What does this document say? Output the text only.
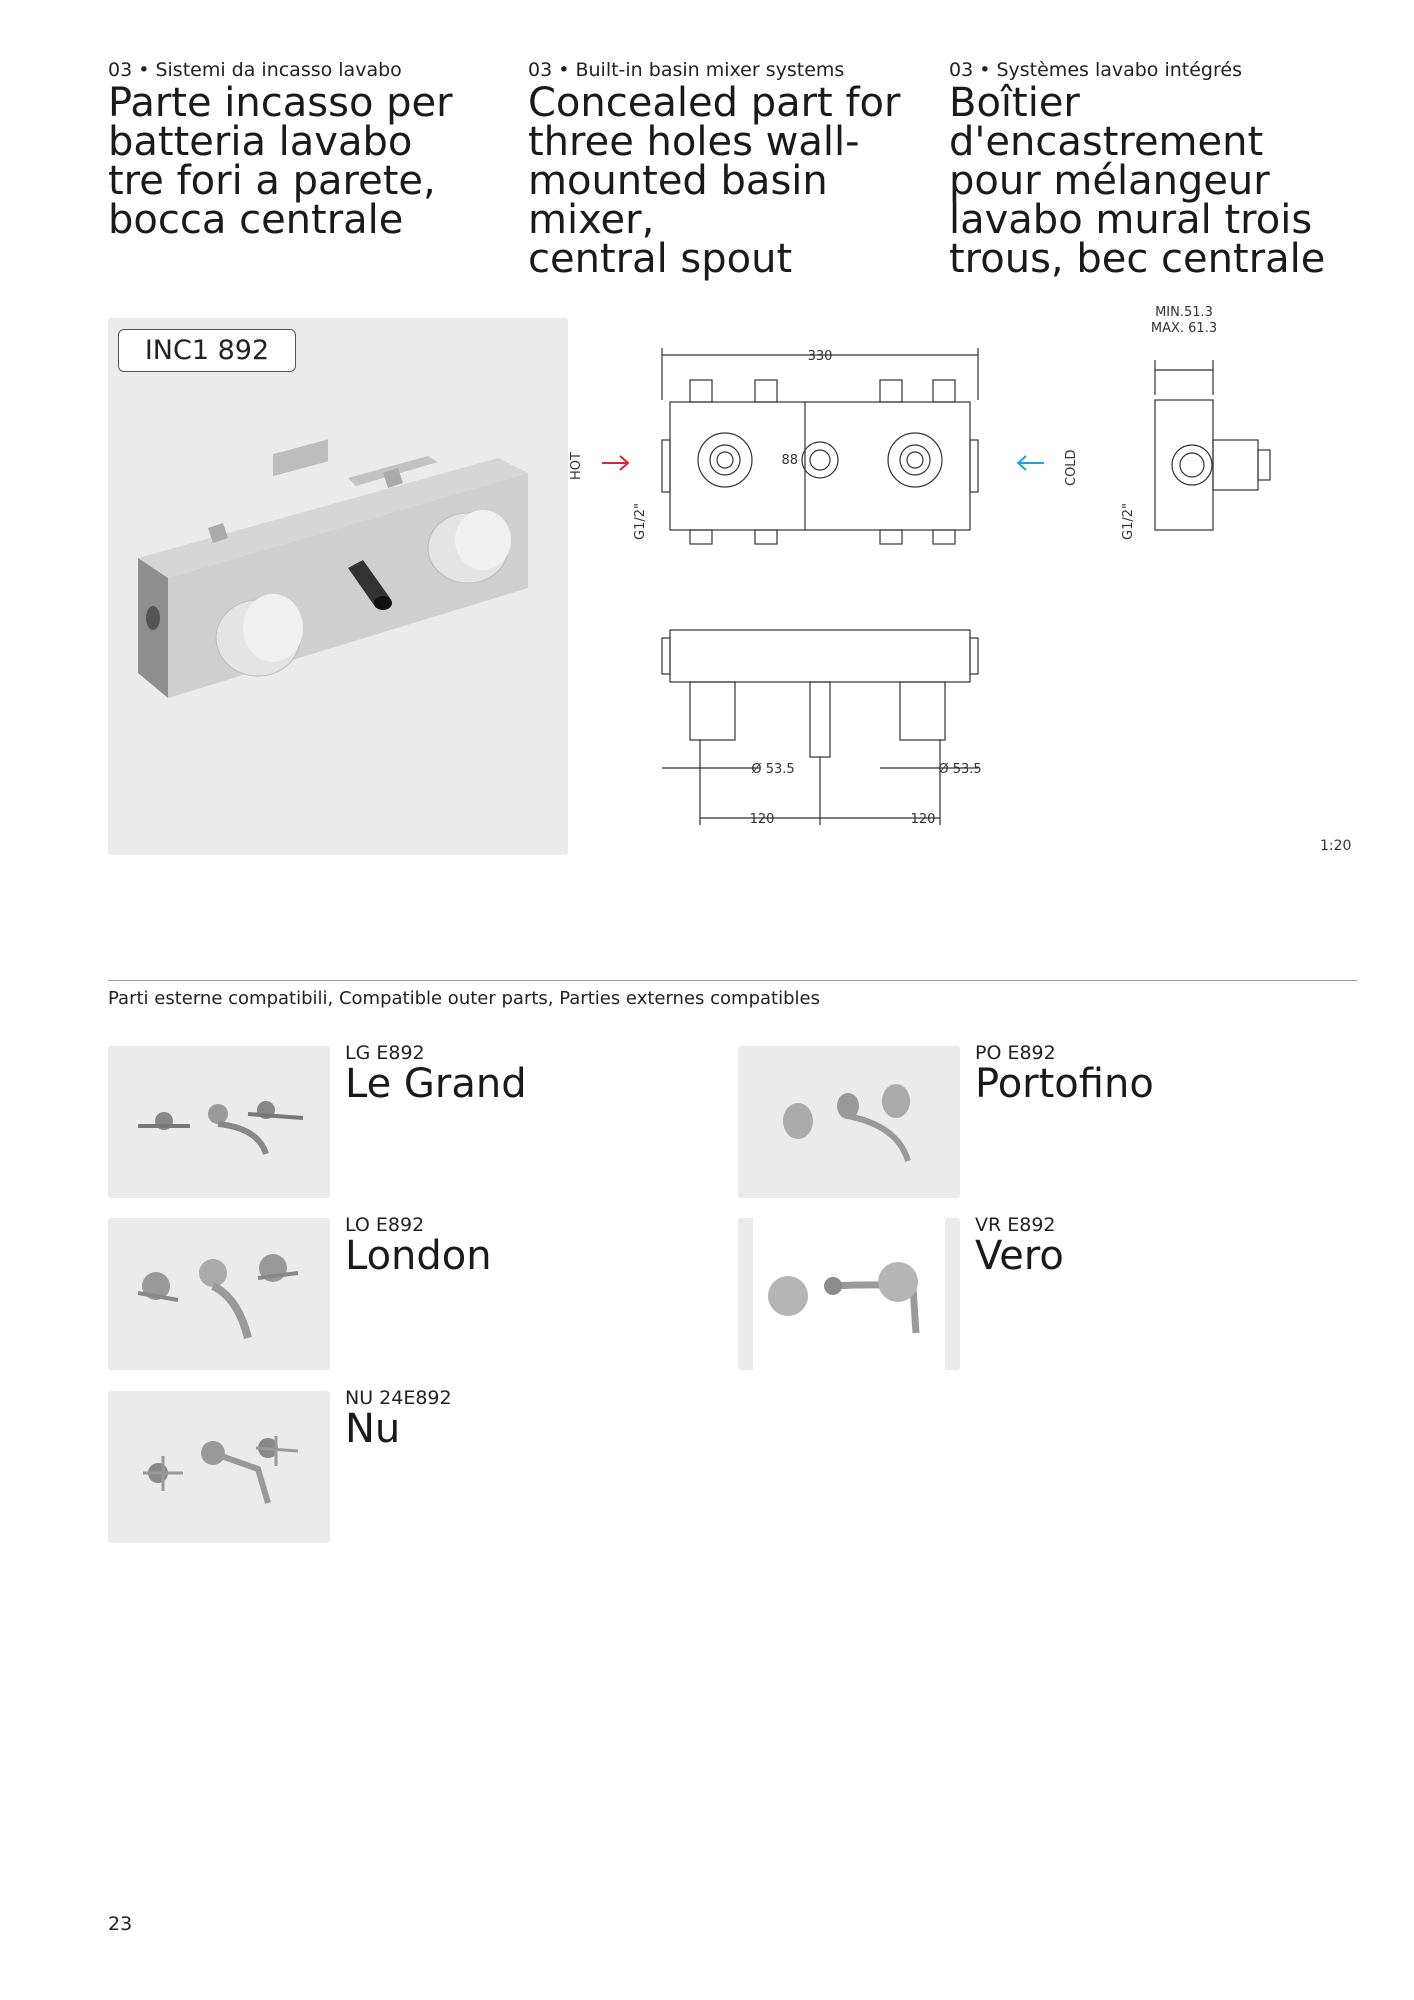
03 • Sistemi da incasso lavabo
Parte incasso per
batteria lavabo
tre fori a parete,
bocca centrale
03 • Built-in basin mixer systems
Concealed part for
three holes wall-
mounted basin mixer,
central spout
03 • Systèmes lavabo intégrés
Boîtier d'encastrement
pour mélangeur
lavabo mural trois
trous, bec centrale
INC1 892	330
88
HOT	COLD
G1/2"	G1/2"
MIN.51.3
MAX. 61.3
Ø 53.5	Ø 53.5
120	120
1:20
Parti esterne compatibili, Compatible outer parts, Parties externes compatibles
LG E892
Le Grand
PO E892
Portofino
LO E892
London
VR E892
Vero
NU 24E892
Nu
23
